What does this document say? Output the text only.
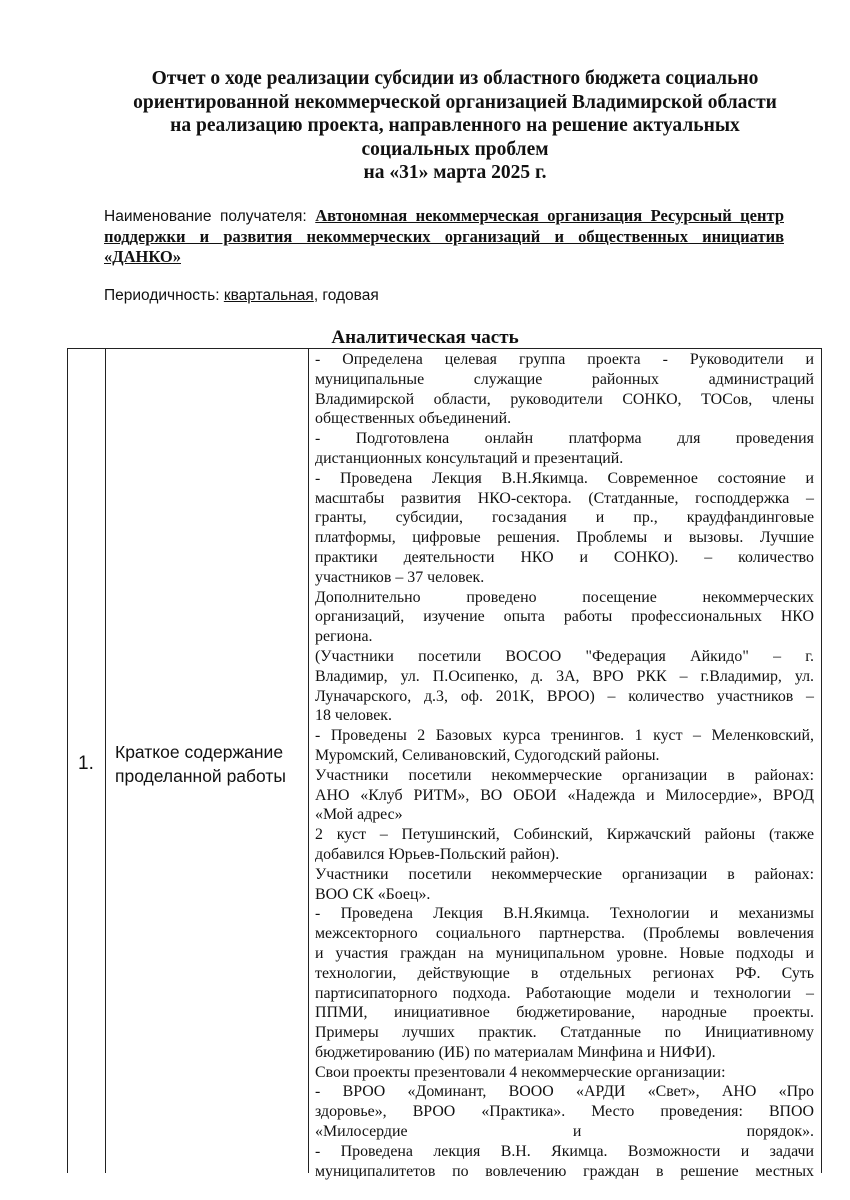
Отчет о ходе реализации субсидии из областного бюджета социально
ориентированной некоммерческой организацией Владимирской области
на реализацию проекта, направленного на решение актуальных
социальных проблем
на «31» марта 2025 г.
Наименование получателя: Автономная некоммерческая организация Ресурсный центр
поддержки и развития некоммерческих организаций и общественных инициатив
«ДАНКО»
Периодичность: квартальная, годовая
Аналитическая часть
1.
Краткое содержание
проделанной работы
- Определена целевая группа проекта - Руководители и
муниципальные служащие районных администраций
Владимирской области, руководители СОНКО, ТОСов, члены
общественных объединений.
- Подготовлена онлайн платформа для проведения
дистанционных консультаций и презентаций.
- Проведена Лекция В.Н.Якимца. Современное состояние и
масштабы развития НКО-сектора. (Статданные, господдержка –
гранты, субсидии, госзадания и пр., краудфандинговые
платформы, цифровые решения. Проблемы и вызовы. Лучшие
практики деятельности НКО и СОНКО). – количество
участников – 37 человек.
Дополнительно проведено посещение некоммерческих
организаций, изучение опыта работы профессиональных НКО
региона.
(Участники посетили ВОСОО "Федерация Айкидо" – г.
Владимир, ул. П.Осипенко, д. 3А, ВРО РКК – г.Владимир, ул.
Луначарского, д.3, оф. 201К, ВРОО) – количество участников –
18 человек.
- Проведены 2 Базовых курса тренингов. 1 куст – Меленковский,
Муромский, Селивановский, Судогодский районы.
Участники посетили некоммерческие организации в районах:
АНО «Клуб РИТМ», ВО ОБОИ «Надежда и Милосердие», ВРОД
«Мой адрес»
2 куст – Петушинский, Собинский, Киржачский районы (также
добавился Юрьев-Польский район).
Участники посетили некоммерческие организации в районах:
ВОО СК «Боец».
- Проведена Лекция В.Н.Якимца. Технологии и механизмы
межсекторного социального партнерства. (Проблемы вовлечения
и участия граждан на муниципальном уровне. Новые подходы и
технологии, действующие в отдельных регионах РФ. Суть
партисипаторного подхода. Работающие модели и технологии –
ППМИ, инициативное бюджетирование, народные проекты.
Примеры лучших практик. Статданные по Инициативному
бюджетированию (ИБ) по материалам Минфина и НИФИ).
Свои проекты презентовали 4 некоммерческие организации:
- ВРОО «Доминант, ВООО «АРДИ «Свет», АНО «Про
здоровье», ВРОО «Практика». Место проведения: ВПОО
«Милосердие и порядок».
- Проведена лекция В.Н. Якимца. Возможности и задачи
муниципалитетов по вовлечению граждан в решение местных
